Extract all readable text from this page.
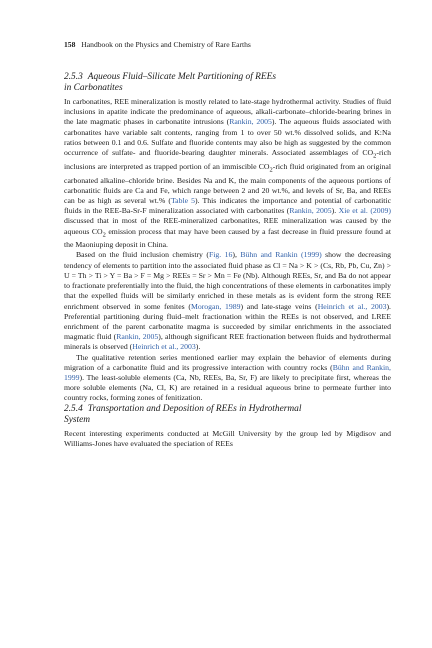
158 Handbook on the Physics and Chemistry of Rare Earths
2.5.3 Aqueous Fluid–Silicate Melt Partitioning of REEs
in Carbonatites

In carbonatites, REE mineralization is mostly related to late-stage hydrothermal activity. Studies of fluid inclusions in apatite indicate the predominance of aqueous, alkali-carbonate–chloride-bearing brines in the late magmatic phases in carbonatite intrusions (Rankin, 2005). The aqueous fluids associated with carbonatites have variable salt contents, ranging from 1 to over 50 wt.% dissolved solids, and K:Na ratios between 0.1 and 0.6. Sulfate and fluoride contents may also be high as suggested by the common occurrence of sulfate- and fluoride-bearing daughter minerals. Associated assemblages of $CO_2$-rich inclusions are interpreted as trapped portion of an immiscible $CO_2$-rich fluid originated from an original carbonated alkaline–chloride brine. Besides Na and K, the main components of the aqueous portions of carbonatitic fluids are Ca and Fe, which range between 2 and 20 wt.%, and levels of Sr, Ba, and REEs can be as high as several wt.% (Table 5). This indicates the importance and potential of carbonatitic fluids in the REE-Ba-Sr-F mineralization associated with carbonatites (Rankin, 2005). Xie et al. (2009) discussed that in most of the REE-mineralized carbonatites, REE mineralization was caused by the aqueous $CO_2$ emission process that may have been caused by a fast decrease in fluid pressure found at the Maoniuping deposit in China.

Based on the fluid inclusion chemistry (Fig. 16), Bühn and Rankin (1999) show the decreasing tendency of elements to partition into the associated fluid phase as Cl = Na > K > (Cs, Rb, Pb, Cu, Zn) > U = Th > Ti > Y = Ba > F = Mg > REEs = Sr > Mn = Fe (Nb). Although REEs, Sr, and Ba do not appear to fractionate preferentially into the fluid, the high concentrations of these elements in carbonatites imply that the expelled fluids will be similarly enriched in these metals as is evident form the strong REE enrichment observed in some fenites (Morogan, 1989) and late-stage veins (Heinrich et al., 2003). Preferential partitioning during fluid–melt fractionation within the REEs is not observed, and LREE enrichment of the parent carbonatite magma is succeeded by similar enrichments in the associated magmatic fluid (Rankin, 2005), although significant REE fractionation between fluids and hydrothermal minerals is observed (Heinrich et al., 2003).

The qualitative retention series mentioned earlier may explain the behavior of elements during migration of a carbonatite fluid and its progressive interaction with country rocks (Bühn and Rankin, 1999). The least-soluble elements (Ca, Nb, REEs, Ba, Sr, F) are likely to precipitate first, whereas the more soluble elements (Na, Cl, K) are retained in a residual aqueous brine to permeate further into country rocks, forming zones of fenitization.

2.5.4 Transportation and Deposition of REEs in Hydrothermal
System

Recent interesting experiments conducted at McGill University by the group led by Migdisov and Williams-Jones have evaluated the speciation of REEs
